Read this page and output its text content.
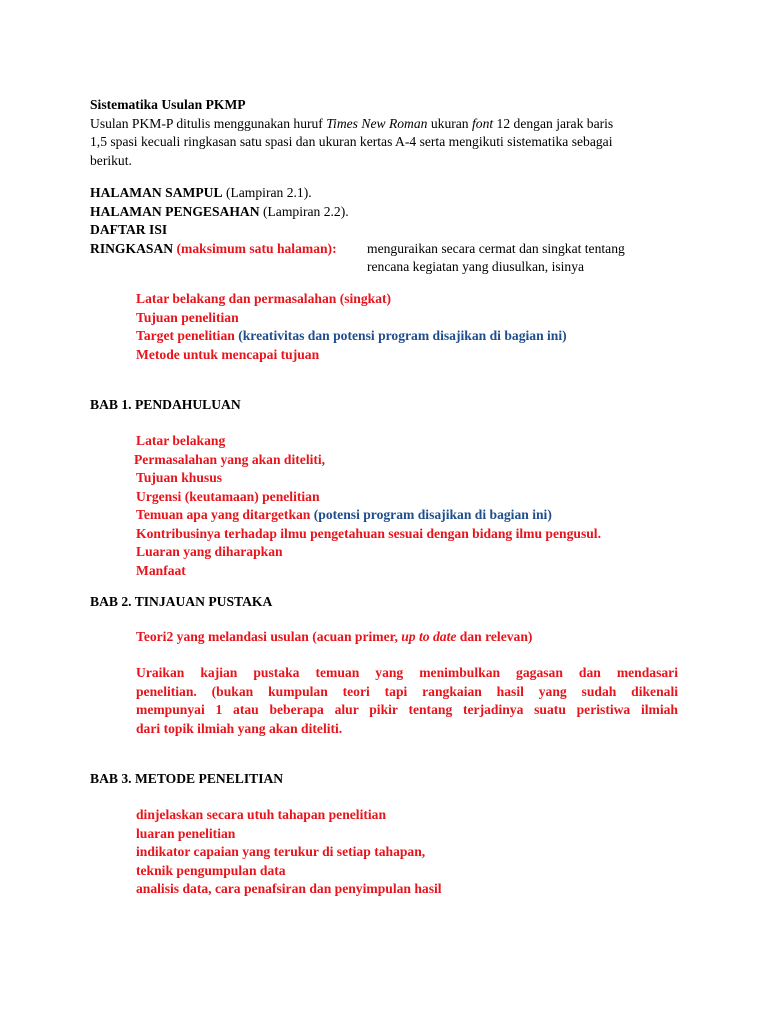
Sistematika Usulan PKMP
Usulan PKM-P ditulis menggunakan huruf Times New Roman ukuran font 12 dengan jarak baris
1,5 spasi kecuali ringkasan satu spasi dan ukuran kertas A-4 serta mengikuti sistematika sebagai
berikut.
HALAMAN SAMPUL (Lampiran 2.1).
HALAMAN PENGESAHAN (Lampiran 2.2).
DAFTAR ISI
RINGKASAN (maksimum satu halaman): menguraikan secara cermat dan singkat tentang
rencana kegiatan yang diusulkan, isinya

Latar belakang dan permasalahan (singkat)
Tujuan penelitian
Target penelitian (kreativitas dan potensi program disajikan di bagian ini)
Metode untuk mencapai tujuan
BAB 1. PENDAHULUAN
Latar belakang
Permasalahan yang akan diteliti,
Tujuan khusus
Urgensi (keutamaan) penelitian
Temuan apa yang ditargetkan (potensi program disajikan di bagian ini)
Kontribusinya terhadap ilmu pengetahuan sesuai dengan bidang ilmu pengusul.
Luaran yang diharapkan
Manfaat
BAB 2. TINJAUAN PUSTAKA
Teori2 yang melandasi usulan (acuan primer, up to date dan relevan)
Uraikan kajian pustaka temuan yang menimbulkan gagasan dan mendasari
penelitian. (bukan kumpulan teori tapi rangkaian hasil yang sudah dikenali
mempunyai 1 atau beberapa alur pikir tentang terjadinya suatu peristiwa ilmiah
dari topik ilmiah yang akan diteliti.
BAB 3. METODE PENELITIAN
dinjelaskan secara utuh tahapan penelitian
luaran penelitian
indikator capaian yang terukur di setiap tahapan,
teknik pengumpulan data
analisis data, cara penafsiran dan penyimpulan hasil
